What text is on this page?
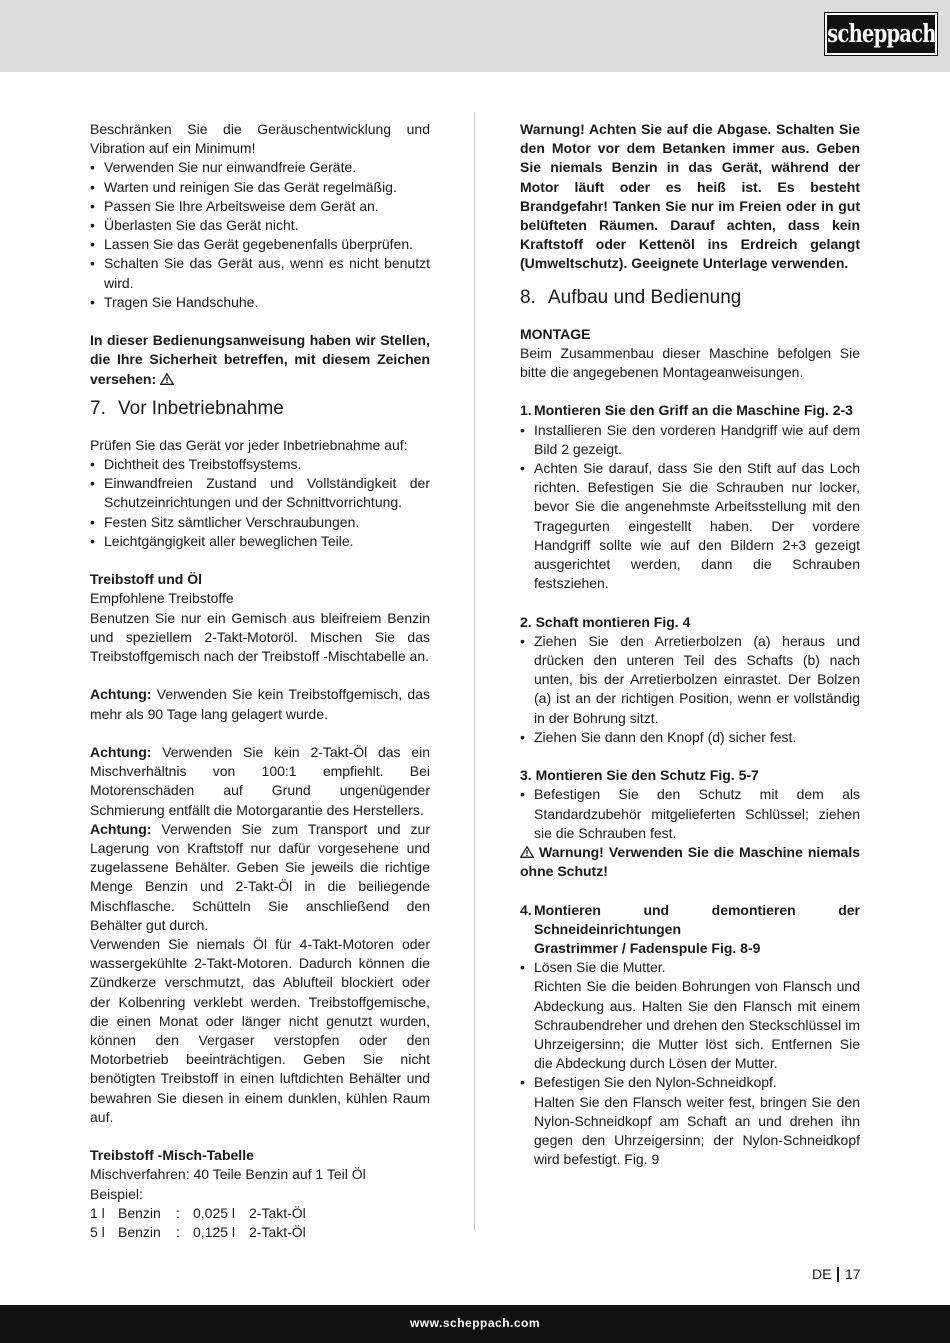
scheppach

Beschränken Sie die Geräuschentwicklung und Vibration auf ein Minimum!

• Verwenden Sie nur einwandfreie Geräte.
• Warten und reinigen Sie das Gerät regelmäßig.
• Passen Sie Ihre Arbeitsweise dem Gerät an.
• Überlasten Sie das Gerät nicht.
• Lassen Sie das Gerät gegebenenfalls überprüfen.
• Schalten Sie das Gerät aus, wenn es nicht benutzt wird.
• Tragen Sie Handschuhe.

In dieser Bedienungsanweisung haben wir Stellen, die Ihre Sicherheit betreffen, mit diesem Zeichen versehen:

7. Vor Inbetriebnahme

Prüfen Sie das Gerät vor jeder Inbetriebnahme auf:

• Dichtheit des Treibstoffsystems.
• Einwandfreien Zustand und Vollständigkeit der Schutzeinrichtungen und der Schnittvorrichtung.
• Festen Sitz sämtlicher Verschraubungen.
• Leichtgängigkeit aller beweglichen Teile.

Treibstoff und Öl

Empfohlene Treibstoffe

Benutzen Sie nur ein Gemisch aus bleifreiem Benzin und speziellem 2-Takt-Motoröl. Mischen Sie das Treibstoffgemisch nach der Treibstoff -Mischtabelle an.

Achtung: Verwenden Sie kein Treibstoffgemisch, das mehr als 90 Tage lang gelagert wurde.

Achtung: Verwenden Sie kein 2-Takt-Öl das ein Mischverhältnis von 100:1 empfiehlt. Bei Motorenschäden auf Grund ungenügender Schmierung entfällt die Motorgarantie des Herstellers.

Achtung: Verwenden Sie zum Transport und zur Lagerung von Kraftstoff nur dafür vorgesehene und zugelassene Behälter. Geben Sie jeweils die richtige Menge Benzin und 2-Takt-Öl in die beiliegende Mischflasche. Schütteln Sie anschließend den Behälter gut durch.

Verwenden Sie niemals Öl für 4-Takt-Motoren oder wassergekühlte 2-Takt-Motoren. Dadurch können die Zündkerze verschmutzt, das Ablufteil blockiert oder der Kolbenring verklebt werden. Treibstoffgemische, die einen Monat oder länger nicht genutzt wurden, können den Vergaser verstopfen oder den Motorbetrieb beeinträchtigen. Geben Sie nicht benötigten Treibstoff in einen luftdichten Behälter und bewahren Sie diesen in einem dunklen, kühlen Raum auf.

Treibstoff -Misch-Tabelle

Mischverfahren: 40 Teile Benzin auf 1 Teil Öl

Beispiel:

1 l Benzin	: 0,025 l 2-Takt-Öl
5 l Benzin	: 0,125 l 2-Takt-Öl

Warnung! Achten Sie auf die Abgase. Schalten Sie den Motor vor dem Betanken immer aus. Geben Sie niemals Benzin in das Gerät, während der Motor läuft oder es heiß ist. Es besteht Brandgefahr! Tanken Sie nur im Freien oder in gut belüfteten Räumen. Darauf achten, dass kein Kraftstoff oder Kettenöl ins Erdreich gelangt (Umweltschutz). Geeignete Unterlage verwenden.

8. Aufbau und Bedienung

MONTAGE

Beim Zusammenbau dieser Maschine befolgen Sie bitte die angegebenen Montageanweisungen.

1. Montieren Sie den Griff an die Maschine Fig. 2-3
• Installieren Sie den vorderen Handgriff wie auf dem Bild 2 gezeigt.
• Achten Sie darauf, dass Sie den Stift auf das Loch richten. Befestigen Sie die Schrauben nur locker, bevor Sie die angenehmste Arbeitsstellung mit den Tragegurten eingestellt haben. Der vordere Handgriff sollte wie auf den Bildern 2+3 gezeigt ausgerichtet werden, dann die Schrauben festsziehen.

2. Schaft montieren Fig. 4

• Ziehen Sie den Arretierbolzen (a) heraus und drücken den unteren Teil des Schafts (b) nach unten, bis der Arretierbolzen einrastet. Der Bolzen (a) ist an der richtigen Position, wenn er vollständig in der Bohrung sitzt.
• Ziehen Sie dann den Knopf (d) sicher fest.

3. Montieren Sie den Schutz Fig. 5-7

• Befestigen Sie den Schutz mit dem als Standardzubehör mitgelieferten Schlüssel; ziehen sie die Schrauben fest.

Warnung! Verwenden Sie die Maschine niemals ohne Schutz!

4. Montieren und demontieren der Schneideinrichtungen

Grastrimmer / Fadenspule Fig. 8-9

• Lösen Sie die Mutter.
Richten Sie die beiden Bohrungen von Flansch und Abdeckung aus. Halten Sie den Flansch mit einem Schraubendreher und drehen den Steckschlüssel im Uhrzeigersinn; die Mutter löst sich. Entfernen Sie die Abdeckung durch Lösen der Mutter.
• Befestigen Sie den Nylon-Schneidkopf.
Halten Sie den Flansch weiter fest, bringen Sie den Nylon-Schneidkopf am Schaft an und drehen ihn gegen den Uhrzeigersinn; der Nylon-Schneidkopf wird befestigt. Fig. 9
DE 17
www.scheppach.com
